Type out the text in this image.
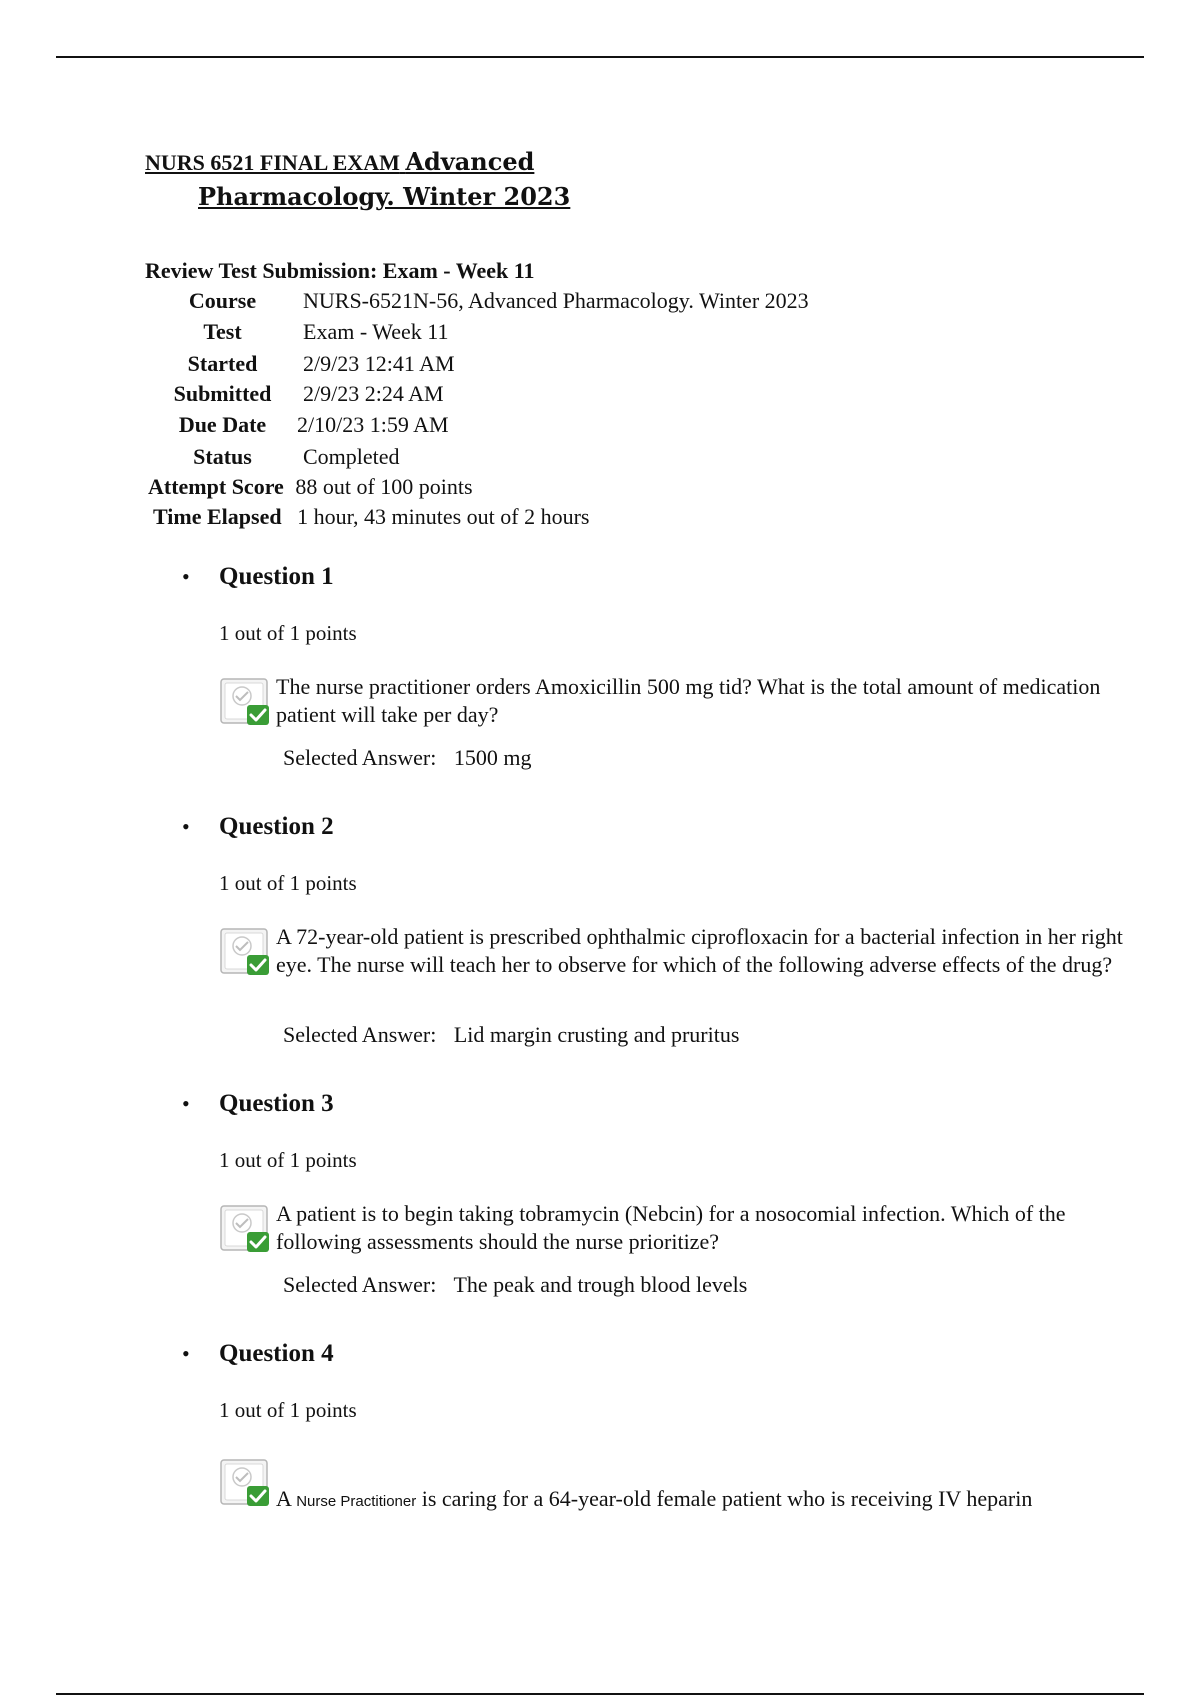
NURS 6521 FINAL EXAM Advanced
Pharmacology. Winter 2023
Review Test Submission: Exam - Week 11
Course	NURS-6521N-56, Advanced Pharmacology. Winter 2023
Test	Exam - Week 11
Started	2/9/23 12:41 AM
Submitted	2/9/23 2:24 AM
Due Date	2/10/23 1:59 AM
Status	Completed
Attempt Score 88 out of 100 points
Time Elapsed 1 hour, 43 minutes out of 2 hours
• Question 1
1 out of 1 points
The nurse practitioner orders Amoxicillin 500 mg tid? What is the total amount of medication patient will take per day?
Selected Answer: 1500 mg
• Question 2
1 out of 1 points
A 72-year-old patient is prescribed ophthalmic ciprofloxacin for a bacterial infection in her right eye. The nurse will teach her to observe for which of the following adverse effects of the drug?
Selected Answer: Lid margin crusting and pruritus
• Question 3
1 out of 1 points
A patient is to begin taking tobramycin (Nebcin) for a nosocomial infection. Which of the following assessments should the nurse prioritize?
Selected Answer: The peak and trough blood levels
• Question 4
1 out of 1 points
A Nurse Practitioner is caring for a 64-year-old female patient who is receiving IV heparin
